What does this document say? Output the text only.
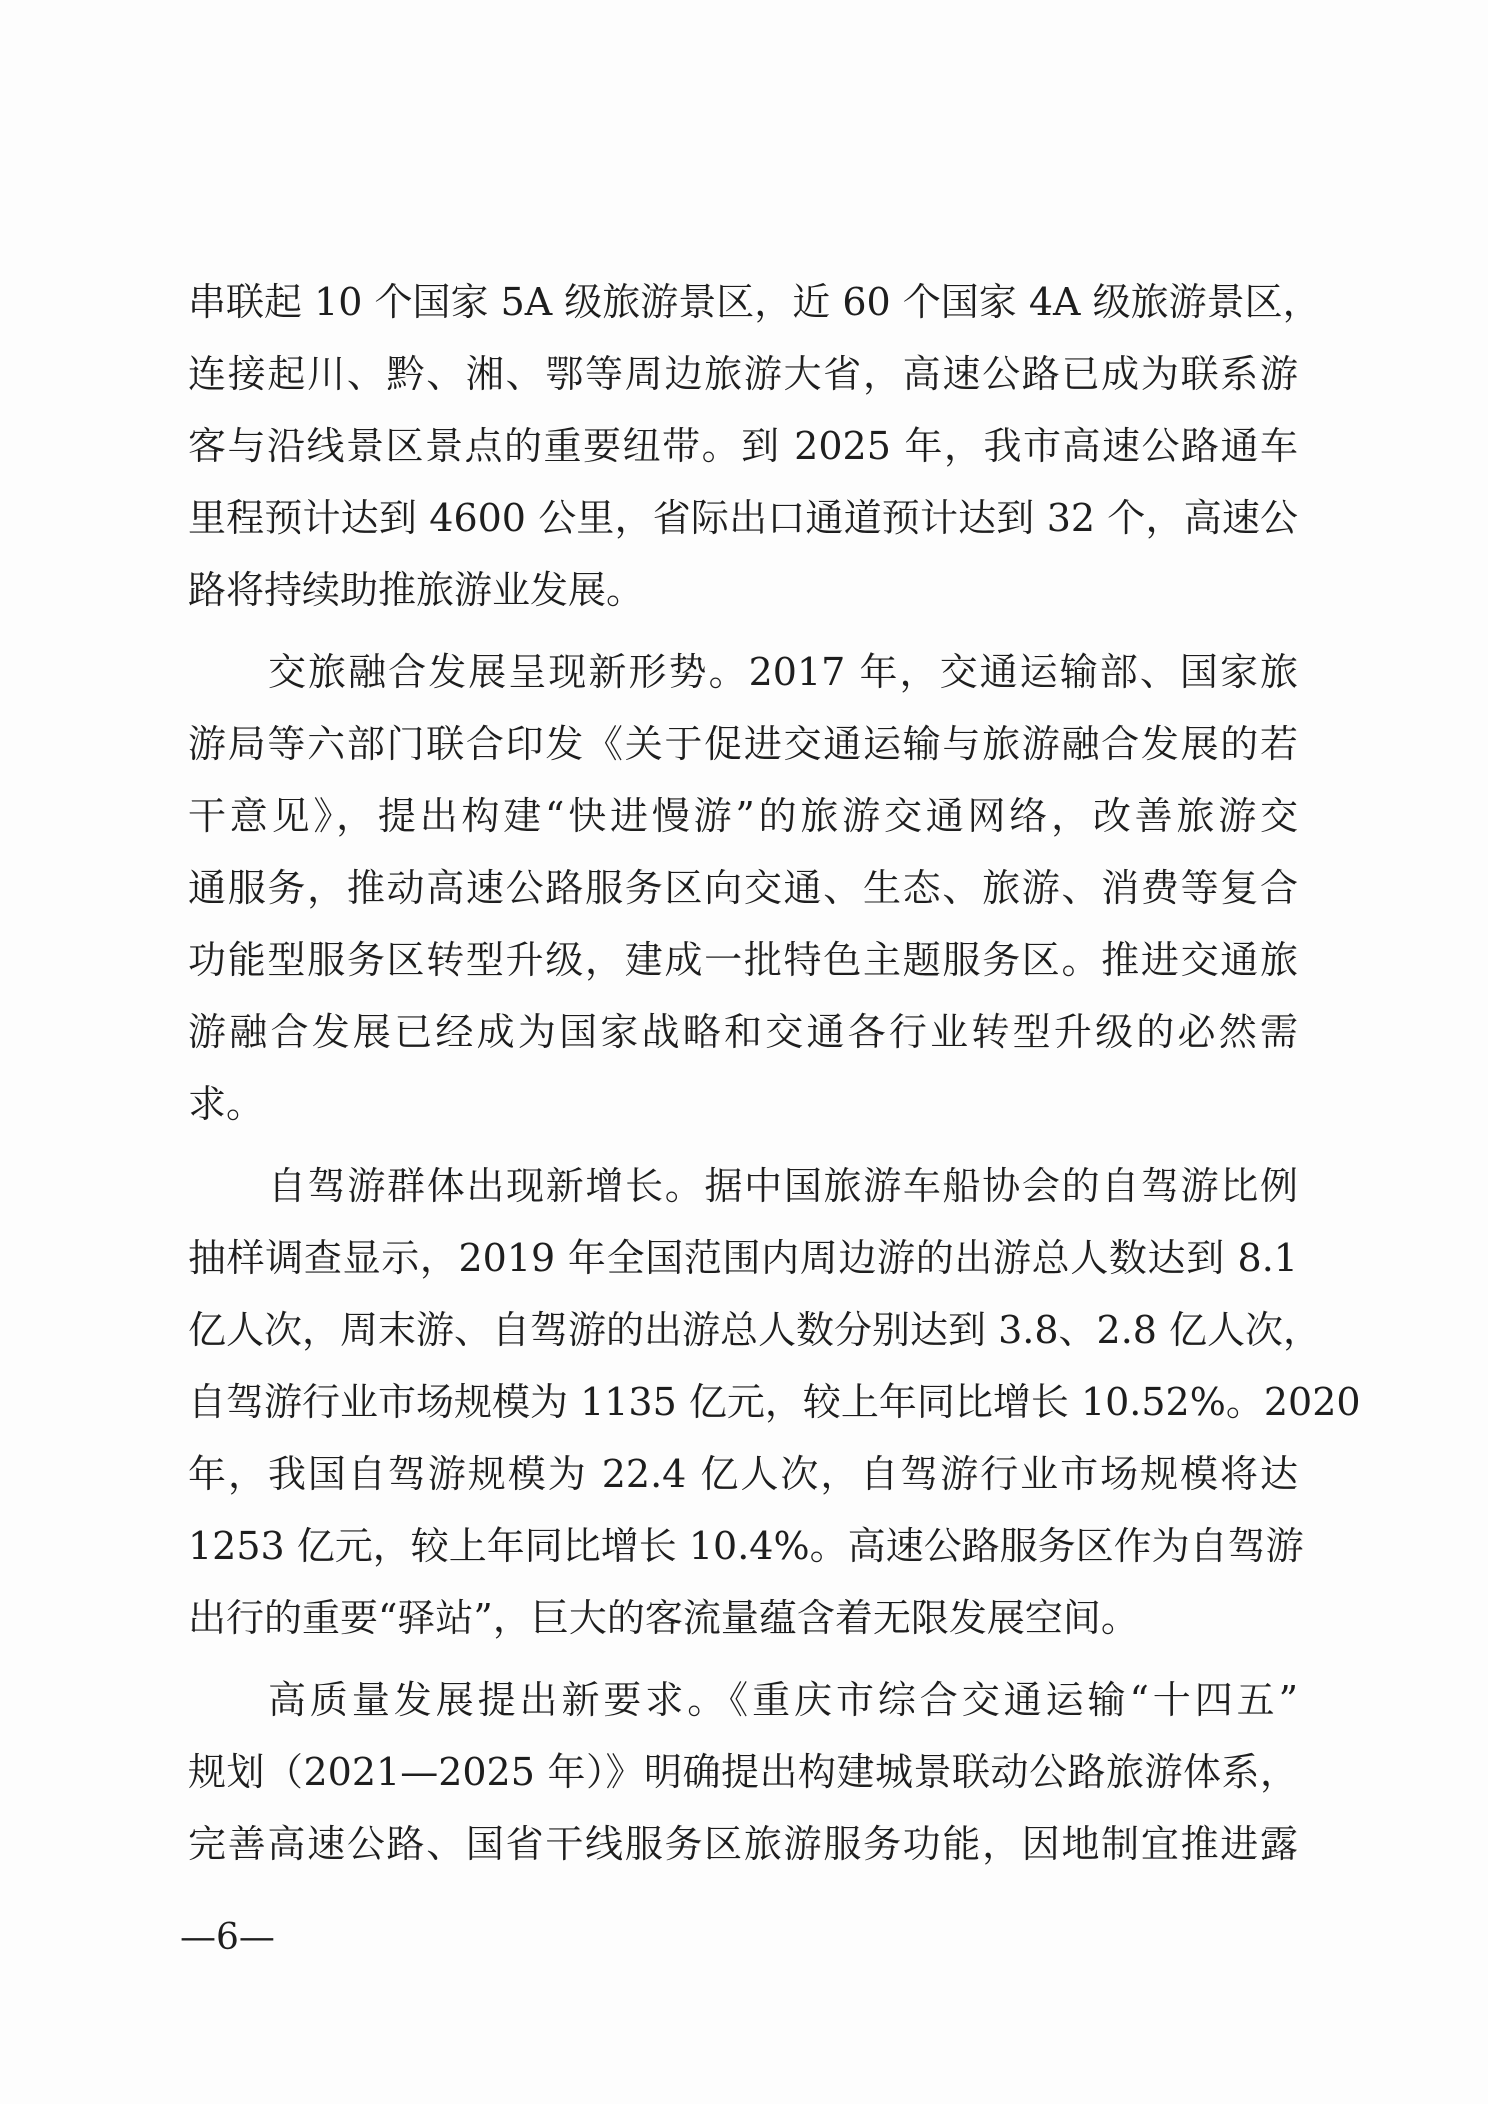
串联起 10 个国家 5A 级旅游景区，近 60 个国家 4A 级旅游景区，
连接起川、黔、湘、鄂等周边旅游大省，高速公路已成为联系游
客与沿线景区景点的重要纽带。到 2025 年，我市高速公路通车
里程预计达到 4600 公里，省际出口通道预计达到 32 个，高速公
路将持续助推旅游业发展。
交旅融合发展呈现新形势。2017 年，交通运输部、国家旅
游局等六部门联合印发《关于促进交通运输与旅游融合发展的若
干意见》，提出构建“快进慢游”的旅游交通网络，改善旅游交
通服务，推动高速公路服务区向交通、生态、旅游、消费等复合
功能型服务区转型升级，建成一批特色主题服务区。推进交通旅
游融合发展已经成为国家战略和交通各行业转型升级的必然需
求。
自驾游群体出现新增长。据中国旅游车船协会的自驾游比例
抽样调查显示，2019 年全国范围内周边游的出游总人数达到 8.1
亿人次，周末游、自驾游的出游总人数分别达到 3.8、2.8 亿人次，
自驾游行业市场规模为 1135 亿元，较上年同比增长 10.52%。2020
年，我国自驾游规模为 22.4 亿人次，自驾游行业市场规模将达
1253 亿元，较上年同比增长 10.4%。高速公路服务区作为自驾游
出行的重要“驿站”，巨大的客流量蕴含着无限发展空间。
高质量发展提出新要求。《重庆市综合交通运输“十四五”
规划（2021—2025 年）》明确提出构建城景联动公路旅游体系，
完善高速公路、国省干线服务区旅游服务功能，因地制宜推进露
—6—
